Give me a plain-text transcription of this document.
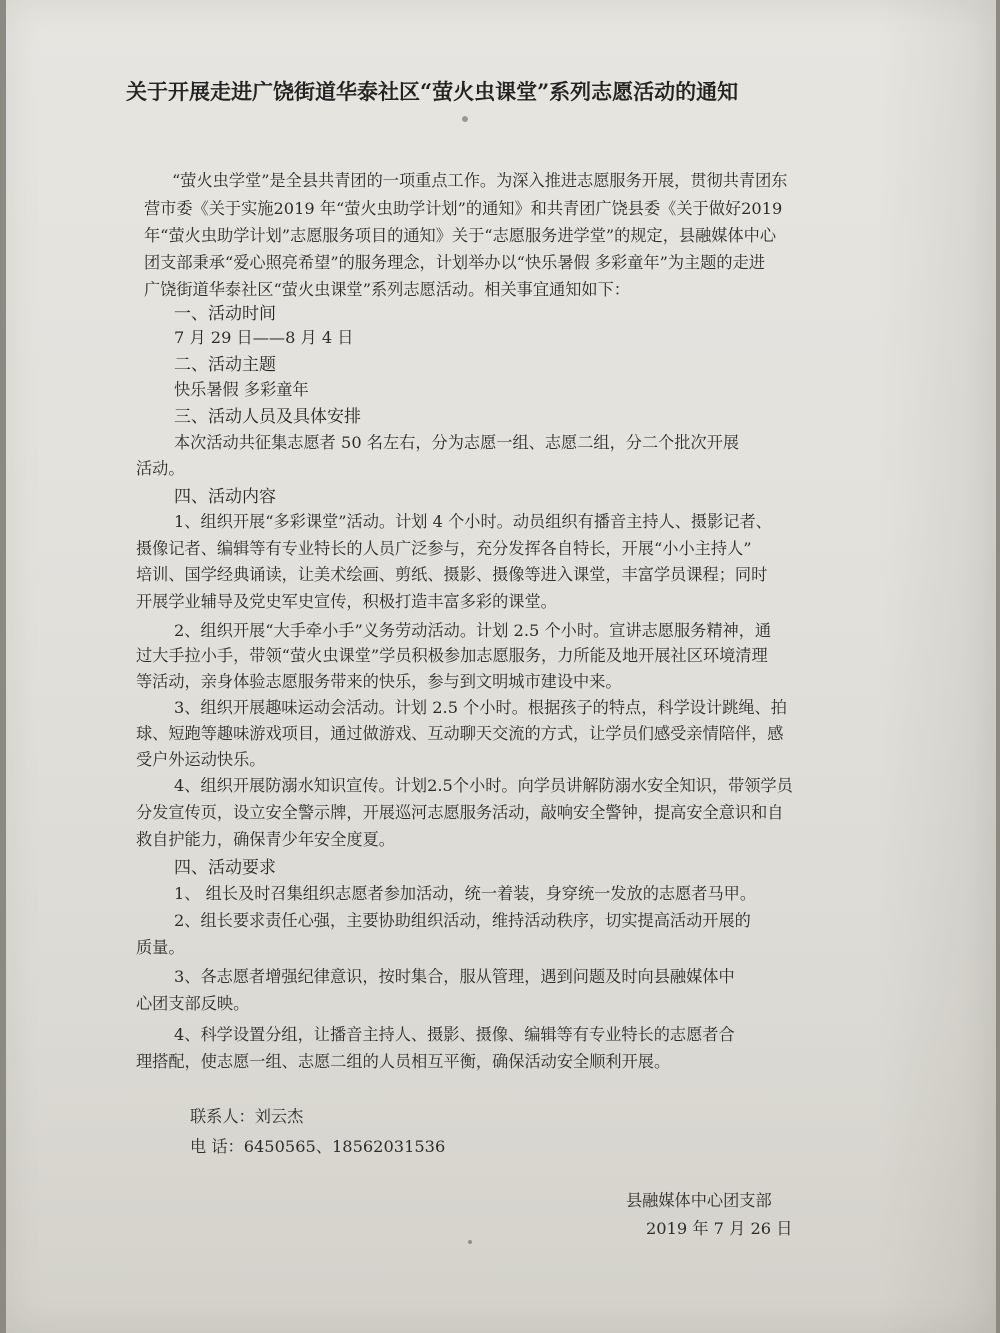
关于开展走进广饶街道华泰社区“萤火虫课堂”系列志愿活动的通知
“萤火虫学堂”是全县共青团的一项重点工作。为深入推进志愿服务开展，贯彻共青团东
营市委《关于实施2019 年“萤火虫助学计划”的通知》和共青团广饶县委《关于做好2019
年“萤火虫助学计划”志愿服务项目的通知》关于“志愿服务进学堂”的规定，县融媒体中心
团支部秉承“爱心照亮希望”的服务理念，计划举办以“快乐暑假 多彩童年”为主题的走进
广饶街道华泰社区“萤火虫课堂”系列志愿活动。相关事宜通知如下：
一、活动时间
7 月 29 日——8 月 4 日
二、活动主题
快乐暑假 多彩童年
三、活动人员及具体安排
本次活动共征集志愿者 50 名左右，分为志愿一组、志愿二组，分二个批次开展
活动。
四、活动内容
1、组织开展“多彩课堂”活动。计划 4 个小时。动员组织有播音主持人、摄影记者、
摄像记者、编辑等有专业特长的人员广泛参与，充分发挥各自特长，开展“小小主持人”
培训、国学经典诵读，让美术绘画、剪纸、摄影、摄像等进入课堂，丰富学员课程；同时
开展学业辅导及党史军史宣传，积极打造丰富多彩的课堂。
2、组织开展“大手牵小手”义务劳动活动。计划 2.5 个小时。宣讲志愿服务精神，通
过大手拉小手，带领“萤火虫课堂”学员积极参加志愿服务，力所能及地开展社区环境清理
等活动，亲身体验志愿服务带来的快乐，参与到文明城市建设中来。
3、组织开展趣味运动会活动。计划 2.5 个小时。根据孩子的特点，科学设计跳绳、拍
球、短跑等趣味游戏项目，通过做游戏、互动聊天交流的方式，让学员们感受亲情陪伴，感
受户外运动快乐。
4、组织开展防溺水知识宣传。计划2.5个小时。向学员讲解防溺水安全知识，带领学员
分发宣传页，设立安全警示牌，开展巡河志愿服务活动，敲响安全警钟，提高安全意识和自
救自护能力，确保青少年安全度夏。
四、活动要求
1、 组长及时召集组织志愿者参加活动，统一着装，身穿统一发放的志愿者马甲。
2、组长要求责任心强，主要协助组织活动，维持活动秩序，切实提高活动开展的
质量。
3、各志愿者增强纪律意识，按时集合，服从管理，遇到问题及时向县融媒体中
心团支部反映。
4、科学设置分组，让播音主持人、摄影、摄像、编辑等有专业特长的志愿者合
理搭配，使志愿一组、志愿二组的人员相互平衡，确保活动安全顺利开展。
联系人：刘云杰
电 话：6450565、18562031536
县融媒体中心团支部
2019 年 7 月 26 日
